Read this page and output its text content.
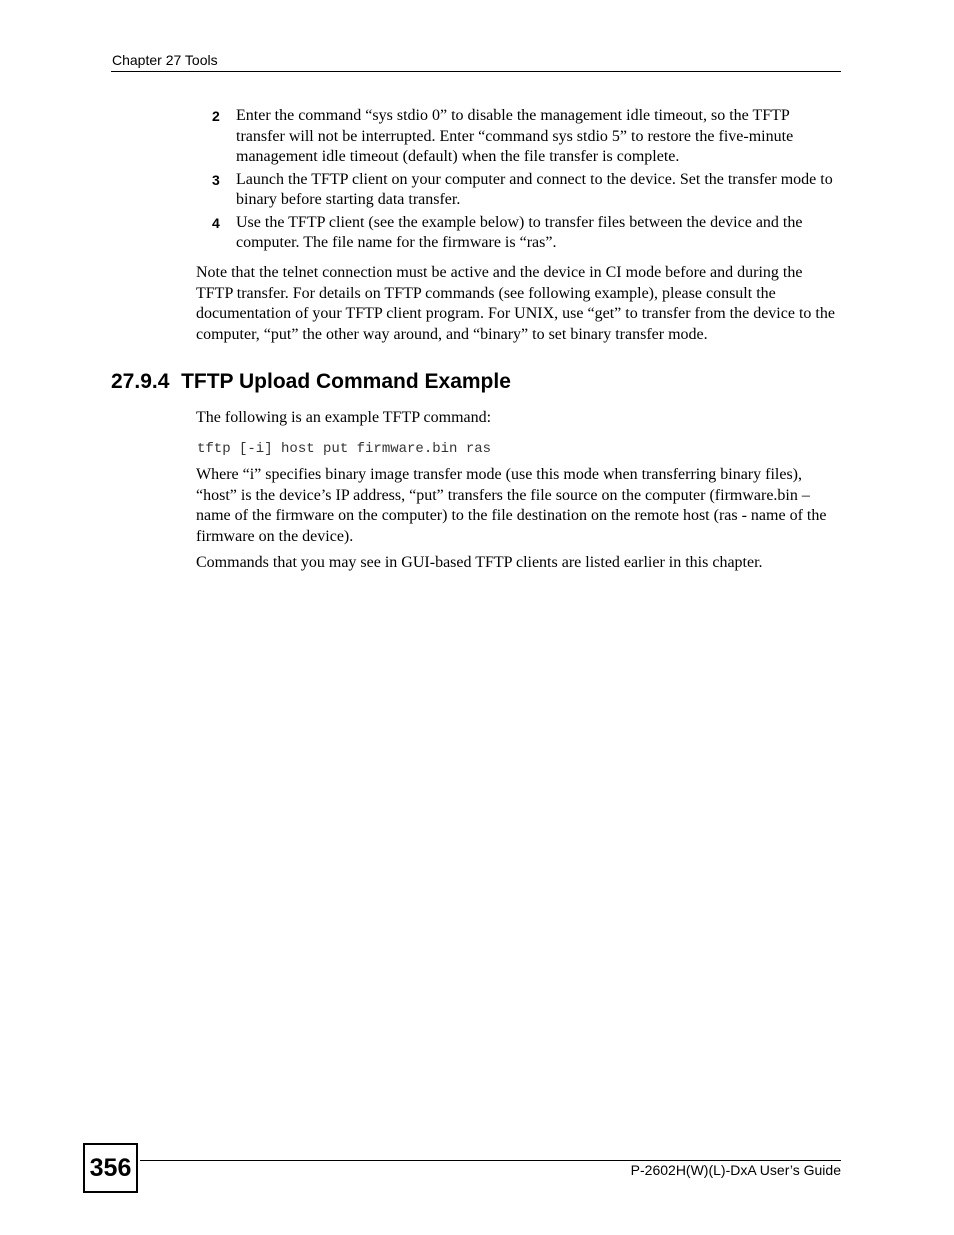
Chapter 27 Tools
2 Enter the command “sys stdio 0” to disable the management idle timeout, so the TFTP transfer will not be interrupted. Enter “command sys stdio 5” to restore the five-minute management idle timeout (default) when the file transfer is complete.
3 Launch the TFTP client on your computer and connect to the device. Set the transfer mode to binary before starting data transfer.
4 Use the TFTP client (see the example below) to transfer files between the device and the computer. The file name for the firmware is “ras”.
Note that the telnet connection must be active and the device in CI mode before and during the TFTP transfer. For details on TFTP commands (see following example), please consult the documentation of your TFTP client program. For UNIX, use “get” to transfer from the device to the computer, “put” the other way around, and “binary” to set binary transfer mode.
27.9.4 TFTP Upload Command Example
The following is an example TFTP command:
tftp [-i] host put firmware.bin ras
Where “i” specifies binary image transfer mode (use this mode when transferring binary files), “host” is the device’s IP address, “put” transfers the file source on the computer (firmware.bin – name of the firmware on the computer) to the file destination on the remote host (ras - name of the firmware on the device).
Commands that you may see in GUI-based TFTP clients are listed earlier in this chapter.
356	P-2602H(W)(L)-DxA User’s Guide
